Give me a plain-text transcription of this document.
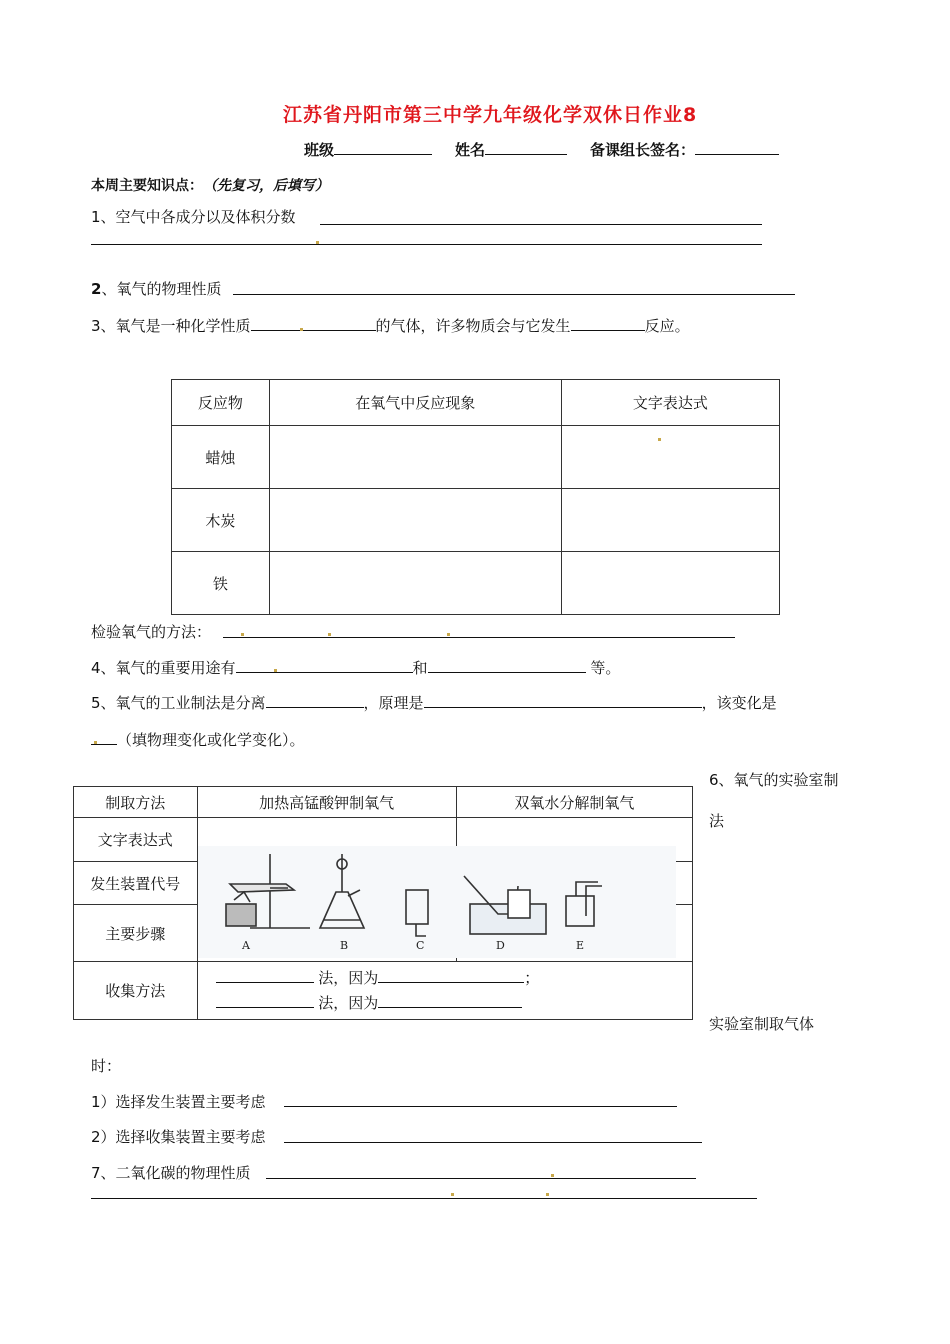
江苏省丹阳市第三中学九年级化学双休日作业8
班级	姓名	备课组长签名：
本周主要知识点：（先复习，后填写）
1、空气中各成分以及体积分数
2、氧气的物理性质
3、氧气是一种化学性质	的气体，许多物质会与它发生	反应。
反应物	在氧气中反应现象	文字表达式
蜡烛		
木炭		
铁		
检验氧气的方法：
4、氧气的重要用途有	和	等。
5、氧气的工业制法是分离	，原理是	，该变化是
（填物理变化或化学变化）。
6、氧气的实验室制
法
制取方法	加热高锰酸钾制氧气	双氧水分解制氧气
文字表达式		
发生装置代号		
主要步骤		
收集方法	法，因为 ；
法，因为	
A	B	C	D	E
实验室制取气体
时：
1）选择发生装置主要考虑
2）选择收集装置主要考虑
7、二氧化碳的物理性质
